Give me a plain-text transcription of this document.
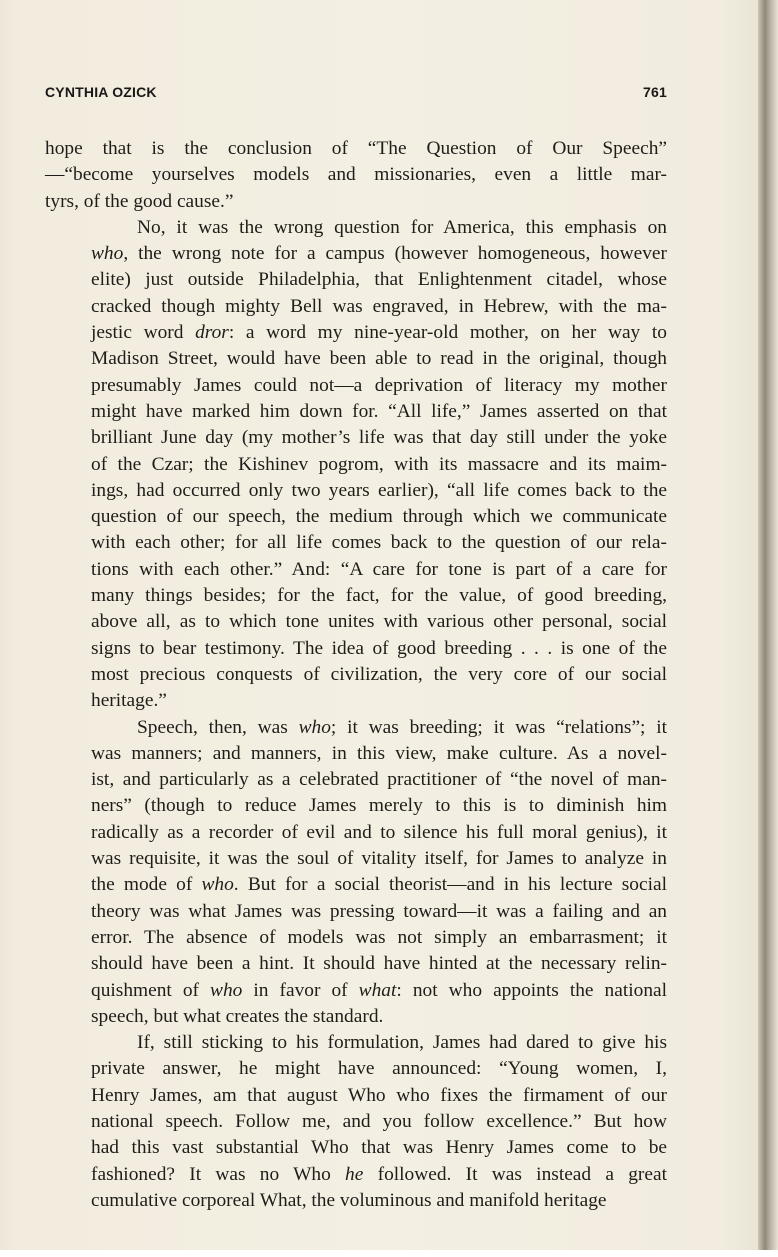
CYNTHIA OZICK	761

hope that is the conclusion of “The Question of Our Speech”
—“become yourselves models and missionaries, even a little mar-
tyrs, of the good cause.”

No, it was the wrong question for America, this emphasis on
who, the wrong note for a campus (however homogeneous, however
elite) just outside Philadelphia, that Enlightenment citadel, whose
cracked though mighty Bell was engraved, in Hebrew, with the ma-
jestic word dror: a word my nine-year-old mother, on her way to
Madison Street, would have been able to read in the original, though
presumably James could not—a deprivation of literacy my mother
might have marked him down for. “All life,” James asserted on that
brilliant June day (my mother’s life was that day still under the yoke
of the Czar; the Kishinev pogrom, with its massacre and its maim-
ings, had occurred only two years earlier), “all life comes back to the
question of our speech, the medium through which we communicate
with each other; for all life comes back to the question of our rela-
tions with each other.” And: “A care for tone is part of a care for
many things besides; for the fact, for the value, of good breeding,
above all, as to which tone unites with various other personal, social
signs to bear testimony. The idea of good breeding . . . is one of the
most precious conquests of civilization, the very core of our social
heritage.”

Speech, then, was who; it was breeding; it was “relations”; it
was manners; and manners, in this view, make culture. As a novel-
ist, and particularly as a celebrated practitioner of “the novel of man-
ners” (though to reduce James merely to this is to diminish him
radically as a recorder of evil and to silence his full moral genius), it
was requisite, it was the soul of vitality itself, for James to analyze in
the mode of who. But for a social theorist—and in his lecture social
theory was what James was pressing toward—it was a failing and an
error. The absence of models was not simply an embarrasment; it
should have been a hint. It should have hinted at the necessary relin-
quishment of who in favor of what: not who appoints the national
speech, but what creates the standard.

If, still sticking to his formulation, James had dared to give his
private answer, he might have announced: “Young women, I,
Henry James, am that august Who who fixes the firmament of our
national speech. Follow me, and you follow excellence.” But how
had this vast substantial Who that was Henry James come to be
fashioned? It was no Who he followed. It was instead a great
cumulative corporeal What, the voluminous and manifold heritage
